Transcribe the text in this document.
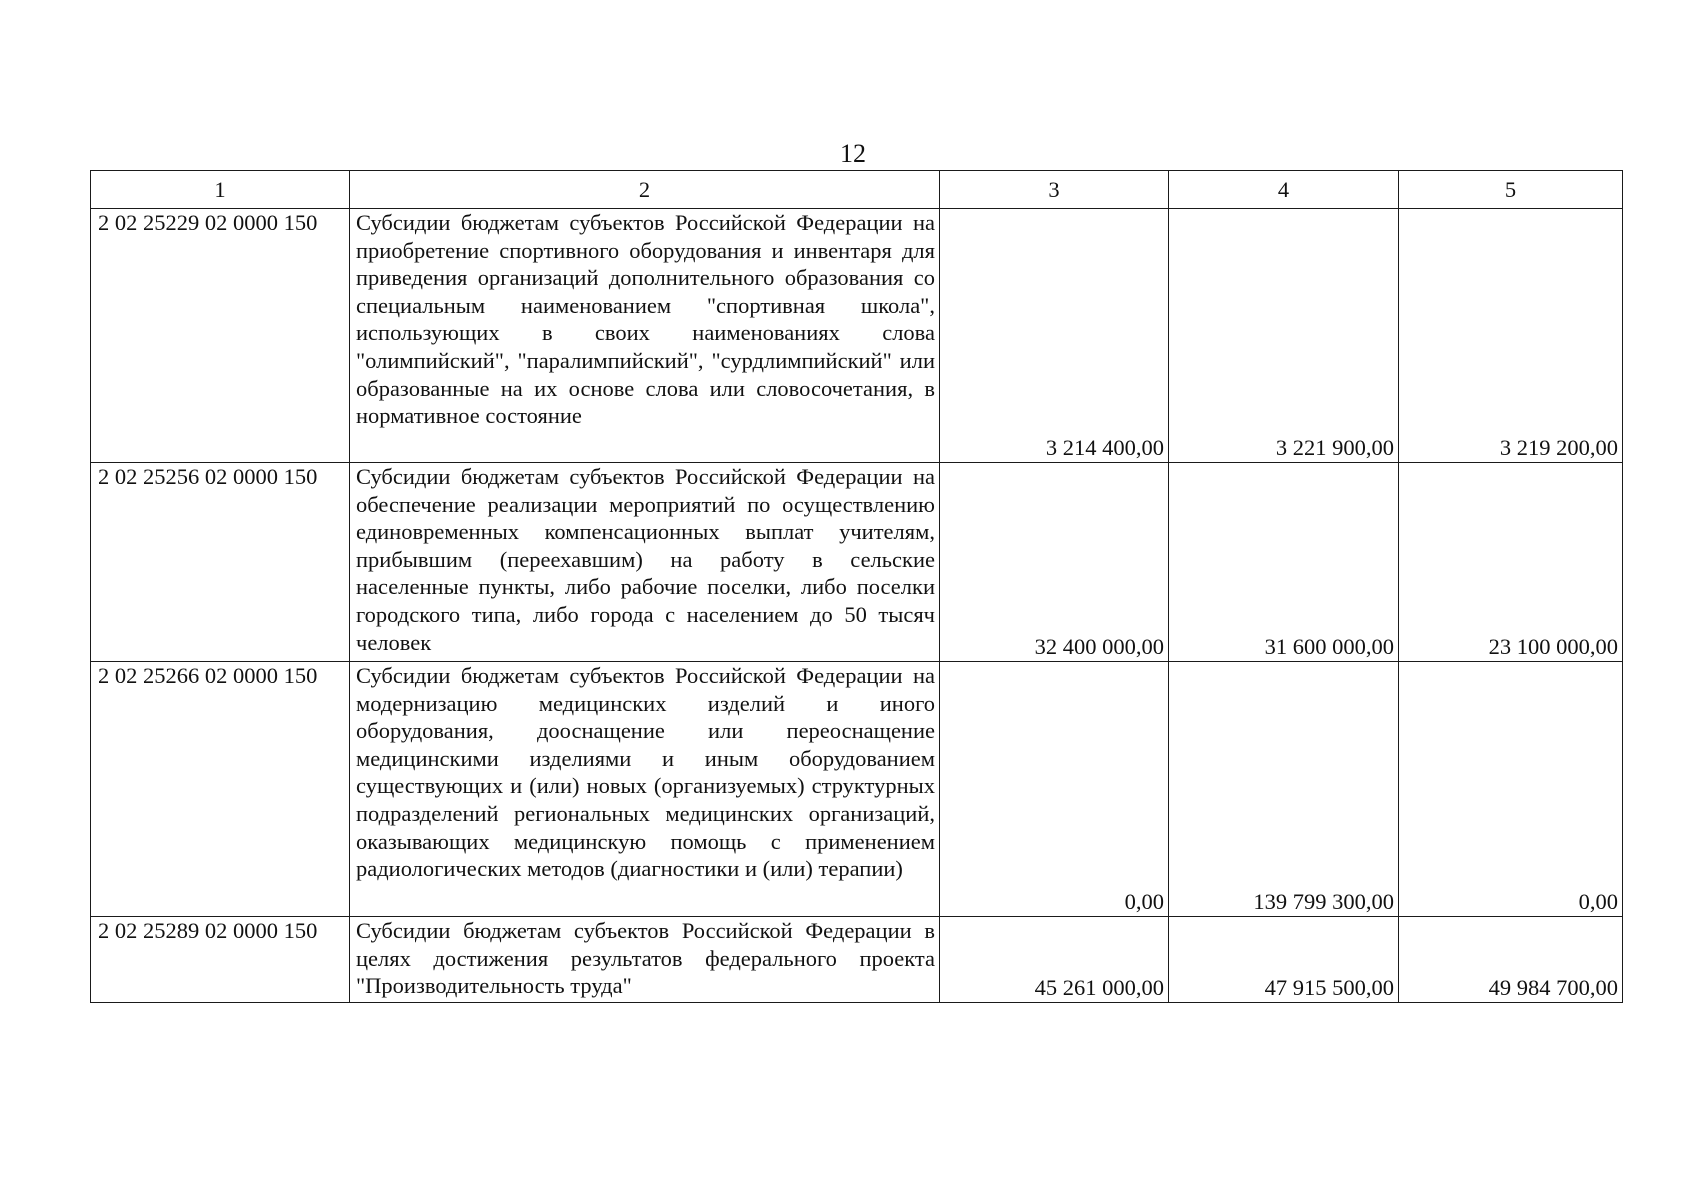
12
1	2	3	4	5
2 02 25229 02 0000 150	Субсидии бюджетам субъектов Российской Федерации на приобретение спортивного оборудования и инвентаря для приведения организаций дополнительного образования со специальным наименованием "спортивная школа", использующих в своих наименованиях слова "олимпийский", "паралимпийский", "сурдлимпийский" или образованные на их основе слова или словосочетания, в нормативное состояние	3 214 400,00	3 221 900,00	3 219 200,00
2 02 25256 02 0000 150	Субсидии бюджетам субъектов Российской Федерации на обеспечение реализации мероприятий по осуществлению единовременных компенсационных выплат учителям, прибывшим (переехавшим) на работу в сельские населенные пункты, либо рабочие поселки, либо поселки городского типа, либо города с населением до 50 тысяч человек	32 400 000,00	31 600 000,00	23 100 000,00
2 02 25266 02 0000 150	Субсидии бюджетам субъектов Российской Федерации на модернизацию медицинских изделий и иного оборудования, дооснащение или переоснащение медицинскими изделиями и иным оборудованием существующих и (или) новых (организуемых) структурных подразделений региональных медицинских организаций, оказывающих медицинскую помощь с применением радиологических методов (диагностики и (или) терапии)	0,00	139 799 300,00	0,00
2 02 25289 02 0000 150	Субсидии бюджетам субъектов Российской Федерации в целях достижения результатов федерального проекта "Производительность труда"	45 261 000,00	47 915 500,00	49 984 700,00
